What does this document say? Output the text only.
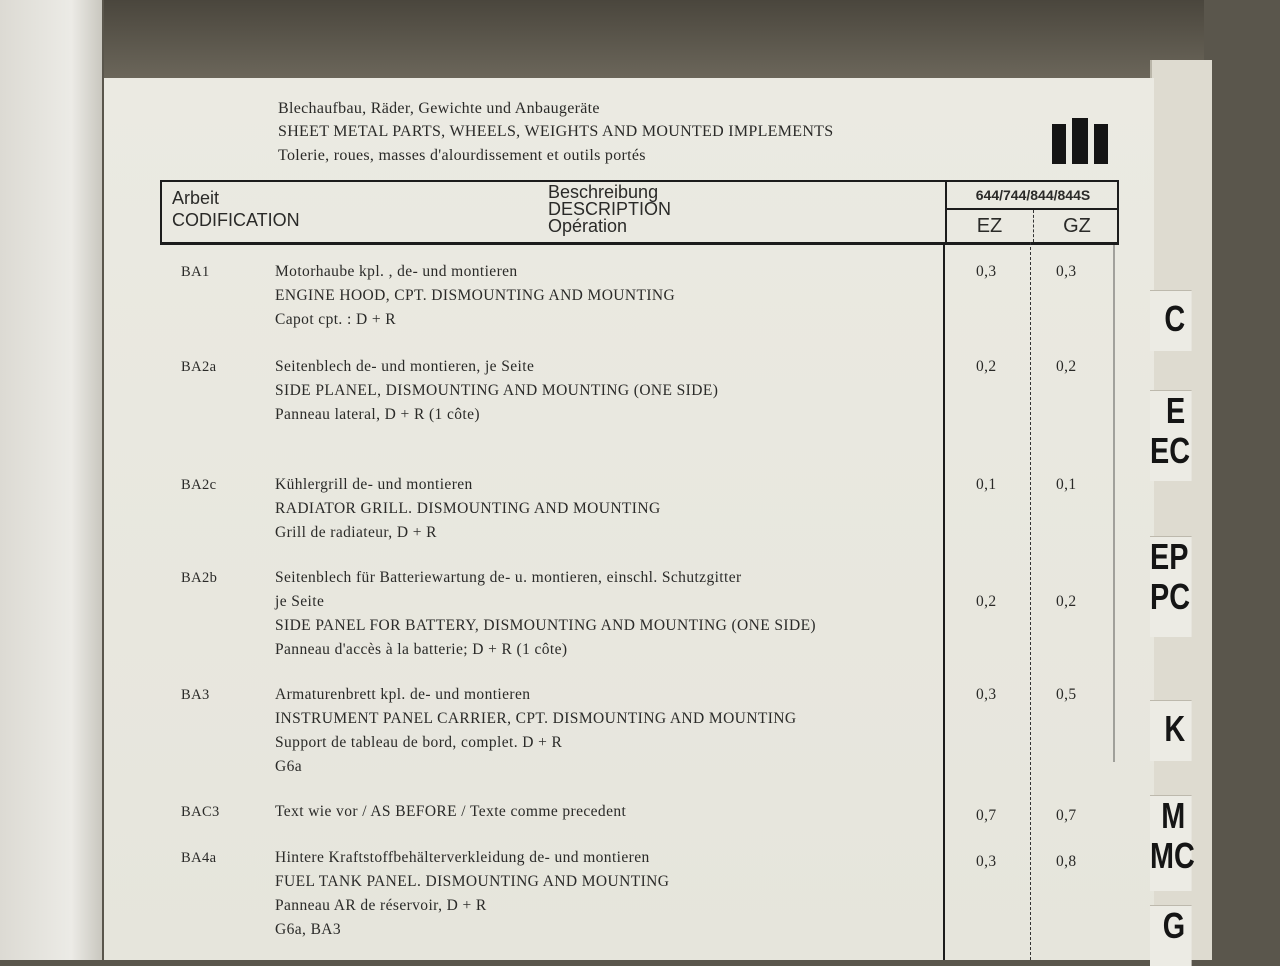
C
E
EC
EP
PC
K
M
MC
G
Blechaufbau, Räder, Gewichte und Anbaugeräte
SHEET METAL PARTS, WHEELS, WEIGHTS AND MOUNTED IMPLEMENTS
Tolerie, roues, masses d'alourdissement et outils portés
Arbeit
CODIFICATION
Beschreibung
DESCRIPTION
Opération
644/744/844/844S
EZ	GZ
BA1	Motorhaube kpl. , de- und montieren
ENGINE HOOD, CPT. DISMOUNTING AND MOUNTING
Capot cpt. : D + R
0,3	0,3
BA2a	Seitenblech de- und montieren, je Seite
SIDE PLANEL, DISMOUNTING AND MOUNTING (ONE SIDE)
Panneau lateral, D + R (1 côte)
0,2	0,2
BA2c	Kühlergrill de- und montieren
RADIATOR GRILL. DISMOUNTING AND MOUNTING
Grill de radiateur, D + R
0,1	0,1
BA2b	Seitenblech für Batteriewartung de- u. montieren, einschl. Schutzgitter
je Seite
SIDE PANEL FOR BATTERY, DISMOUNTING AND MOUNTING (ONE SIDE)
Panneau d'accès à la batterie; D + R (1 côte)
0,2	0,2
BA3	Armaturenbrett kpl. de- und montieren
INSTRUMENT PANEL CARRIER, CPT. DISMOUNTING AND MOUNTING
Support de tableau de bord, complet. D + R
G6a
0,3	0,5
BAC3	Text wie vor / AS BEFORE / Texte comme precedent	0,7	0,7
BA4a	Hintere Kraftstoffbehälterverkleidung de- und montieren
FUEL TANK PANEL. DISMOUNTING AND MOUNTING
Panneau AR de réservoir, D + R
G6a, BA3
0,3	0,8
